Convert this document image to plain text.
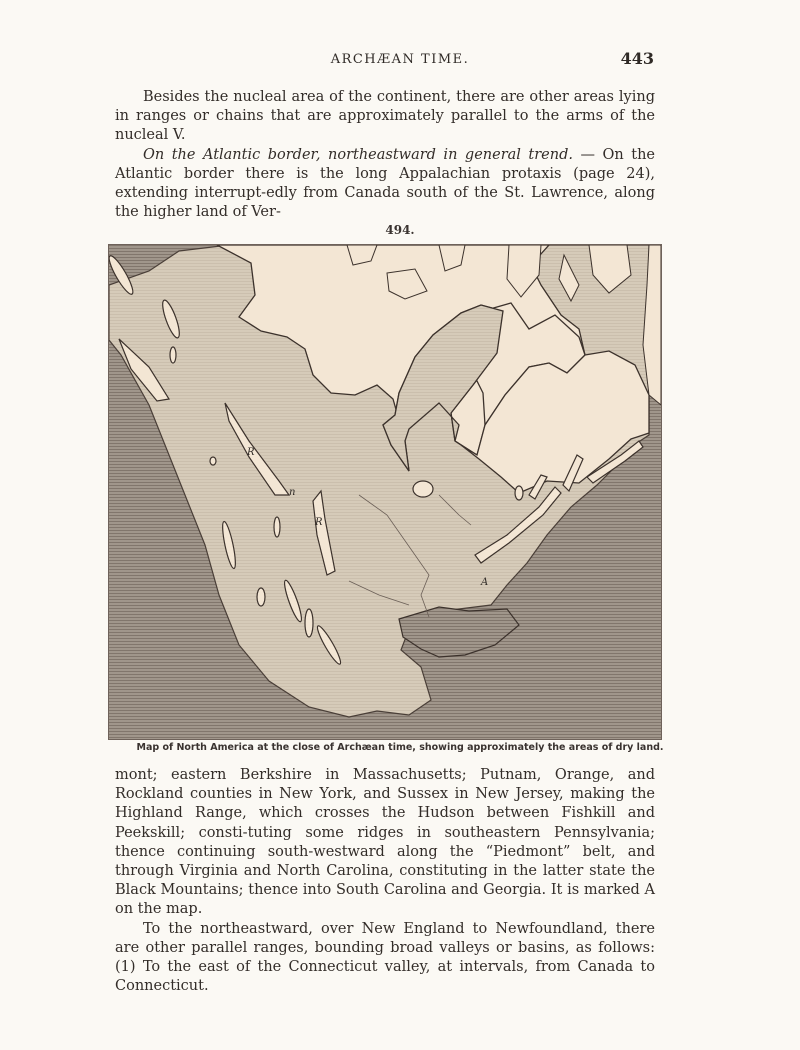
ARCHÆAN TIME.	443

Besides the nucleal area of the continent, there are other areas lying in ranges or chains that are approximately parallel to the arms of the nucleal V.

On the Atlantic border, northeastward in general trend. — On the Atlantic border there is the long Appalachian protaxis (page 24), extending interrupt-edly from Canada south of the St. Lawrence, along the higher land of Ver-

494.
R
n
R
A
Map of North America at the close of Archæan time, showing approximately the areas of dry land.

mont; eastern Berkshire in Massachusetts; Putnam, Orange, and Rockland counties in New York, and Sussex in New Jersey, making the Highland Range, which crosses the Hudson between Fishkill and Peekskill; consti-tuting some ridges in southeastern Pennsylvania; thence continuing south-westward along the “Piedmont” belt, and through Virginia and North Carolina, constituting in the latter state the Black Mountains; thence into South Carolina and Georgia. It is marked A on the map.

To the northeastward, over New England to Newfoundland, there are other parallel ranges, bounding broad valleys or basins, as follows: (1) To the east of the Connecticut valley, at intervals, from Canada to Connecticut.
